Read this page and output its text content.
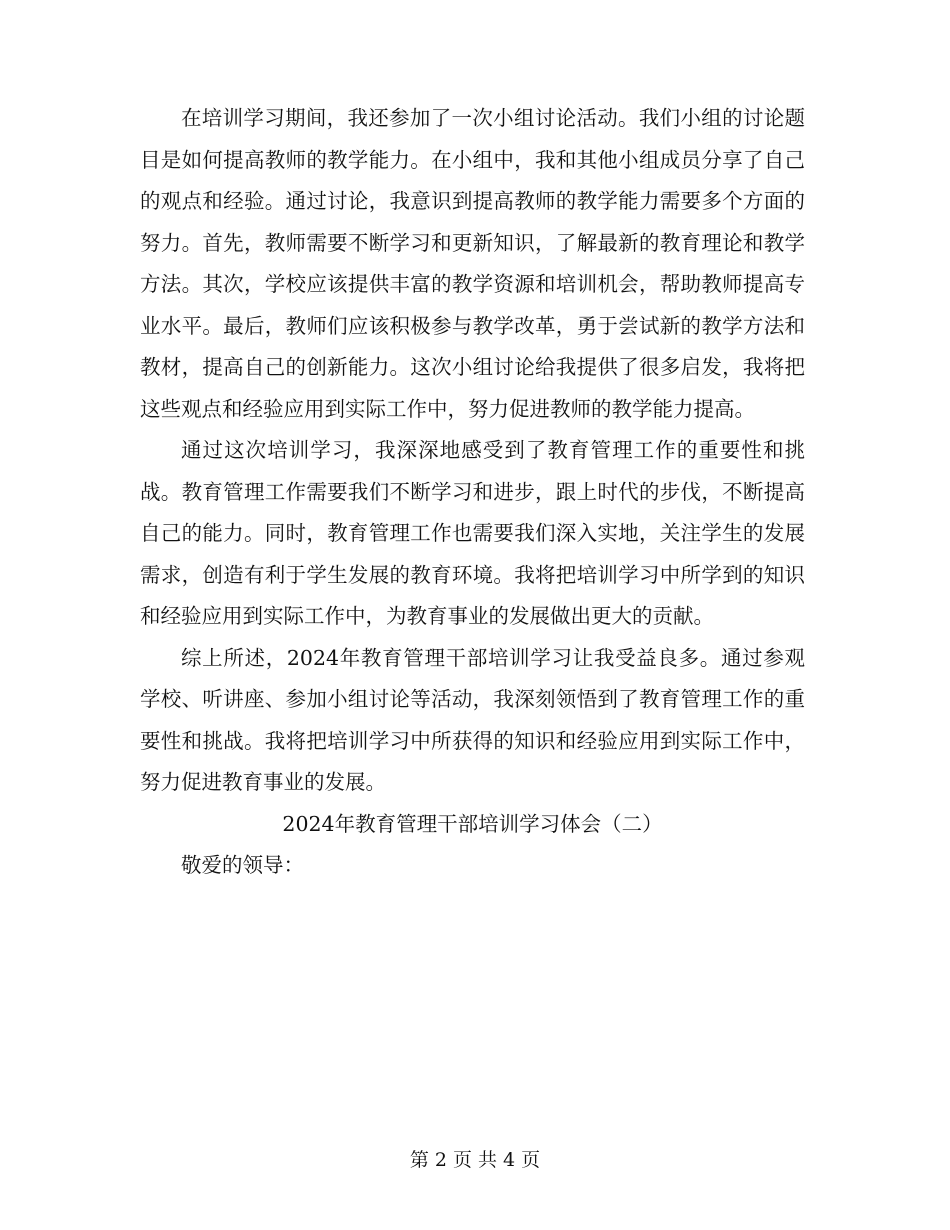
在培训学习期间，我还参加了一次小组讨论活动。我们小组的讨论题目是如何提高教师的教学能力。在小组中，我和其他小组成员分享了自己的观点和经验。通过讨论，我意识到提高教师的教学能力需要多个方面的努力。首先，教师需要不断学习和更新知识，了解最新的教育理论和教学方法。其次，学校应该提供丰富的教学资源和培训机会，帮助教师提高专业水平。最后，教师们应该积极参与教学改革，勇于尝试新的教学方法和教材，提高自己的创新能力。这次小组讨论给我提供了很多启发，我将把这些观点和经验应用到实际工作中，努力促进教师的教学能力提高。

通过这次培训学习，我深深地感受到了教育管理工作的重要性和挑战。教育管理工作需要我们不断学习和进步，跟上时代的步伐，不断提高自己的能力。同时，教育管理工作也需要我们深入实地，关注学生的发展需求，创造有利于学生发展的教育环境。我将把培训学习中所学到的知识和经验应用到实际工作中，为教育事业的发展做出更大的贡献。

综上所述，2024年教育管理干部培训学习让我受益良多。通过参观学校、听讲座、参加小组讨论等活动，我深刻领悟到了教育管理工作的重要性和挑战。我将把培训学习中所获得的知识和经验应用到实际工作中，努力促进教育事业的发展。

2024年教育管理干部培训学习体会（二）

敬爱的领导：

第 2 页 共 4 页
